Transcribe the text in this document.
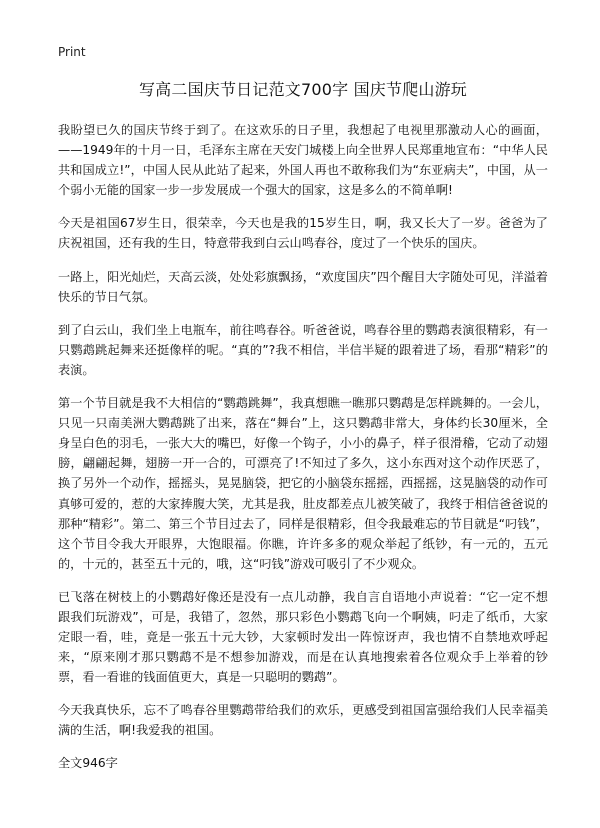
Print
写高二国庆节日记范文700字 国庆节爬山游玩

我盼望已久的国庆节终于到了。在这欢乐的日子里，我想起了电视里那激动人心的画面，——1949年的十月一日，毛泽东主席在天安门城楼上向全世界人民郑重地宣布：“中华人民共和国成立!”，中国人民从此站了起来，外国人再也不敢称我们为“东亚病夫”，中国，从一个弱小无能的国家一步一步发展成一个强大的国家，这是多么的不简单啊!

今天是祖国67岁生日，很荣幸，今天也是我的15岁生日，啊，我又长大了一岁。爸爸为了庆祝祖国，还有我的生日，特意带我到白云山鸣春谷，度过了一个快乐的国庆。

一路上，阳光灿烂，天高云淡，处处彩旗飘扬，“欢度国庆”四个醒目大字随处可见，洋溢着快乐的节日气氛。

到了白云山，我们坐上电瓶车，前往鸣春谷。听爸爸说，鸣春谷里的鹦鹉表演很精彩，有一只鹦鹉跳起舞来还挺像样的呢。“真的”?我不相信，半信半疑的跟着进了场，看那“精彩”的表演。

第一个节目就是我不大相信的“鹦鹉跳舞”，我真想瞧一瞧那只鹦鹉是怎样跳舞的。一会儿，只见一只南美洲大鹦鹉跳了出来，落在“舞台”上，这只鹦鹉非常大，身体约长30厘米，全身呈白色的羽毛，一张大大的嘴巴，好像一个钩子，小小的鼻子，样子很滑稽，它动了动翅膀，翩翩起舞，翅膀一开一合的，可漂亮了!不知过了多久，这小东西对这个动作厌恶了，换了另外一个动作，摇摇头，晃晃脑袋，把它的小脑袋东摇摇，西摇摇，这晃脑袋的动作可真够可爱的，惹的大家捧腹大笑，尤其是我，肚皮都差点儿被笑破了，我终于相信爸爸说的那种“精彩”。第二、第三个节目过去了，同样是很精彩，但令我最难忘的节目就是“叼钱”，这个节目令我大开眼界，大饱眼福。你瞧，许许多多的观众举起了纸钞，有一元的，五元的，十元的，甚至五十元的，哦，这“叼钱”游戏可吸引了不少观众。

已飞落在树枝上的小鹦鹉好像还是没有一点儿动静，我自言自语地小声说着：“它一定不想跟我们玩游戏”，可是，我错了，忽然，那只彩色小鹦鹉飞向一个啊姨，叼走了纸币，大家定眼一看，哇，竟是一张五十元大钞，大家顿时发出一阵惊讶声，我也情不自禁地欢呼起来，“原来刚才那只鹦鹉不是不想参加游戏，而是在认真地搜索着各位观众手上举着的钞票，看一看谁的钱面值更大，真是一只聪明的鹦鹉”。

今天我真快乐，忘不了鸣春谷里鹦鹉带给我们的欢乐，更感受到祖国富强给我们人民幸福美满的生活，啊!我爱我的祖国。

全文946字
